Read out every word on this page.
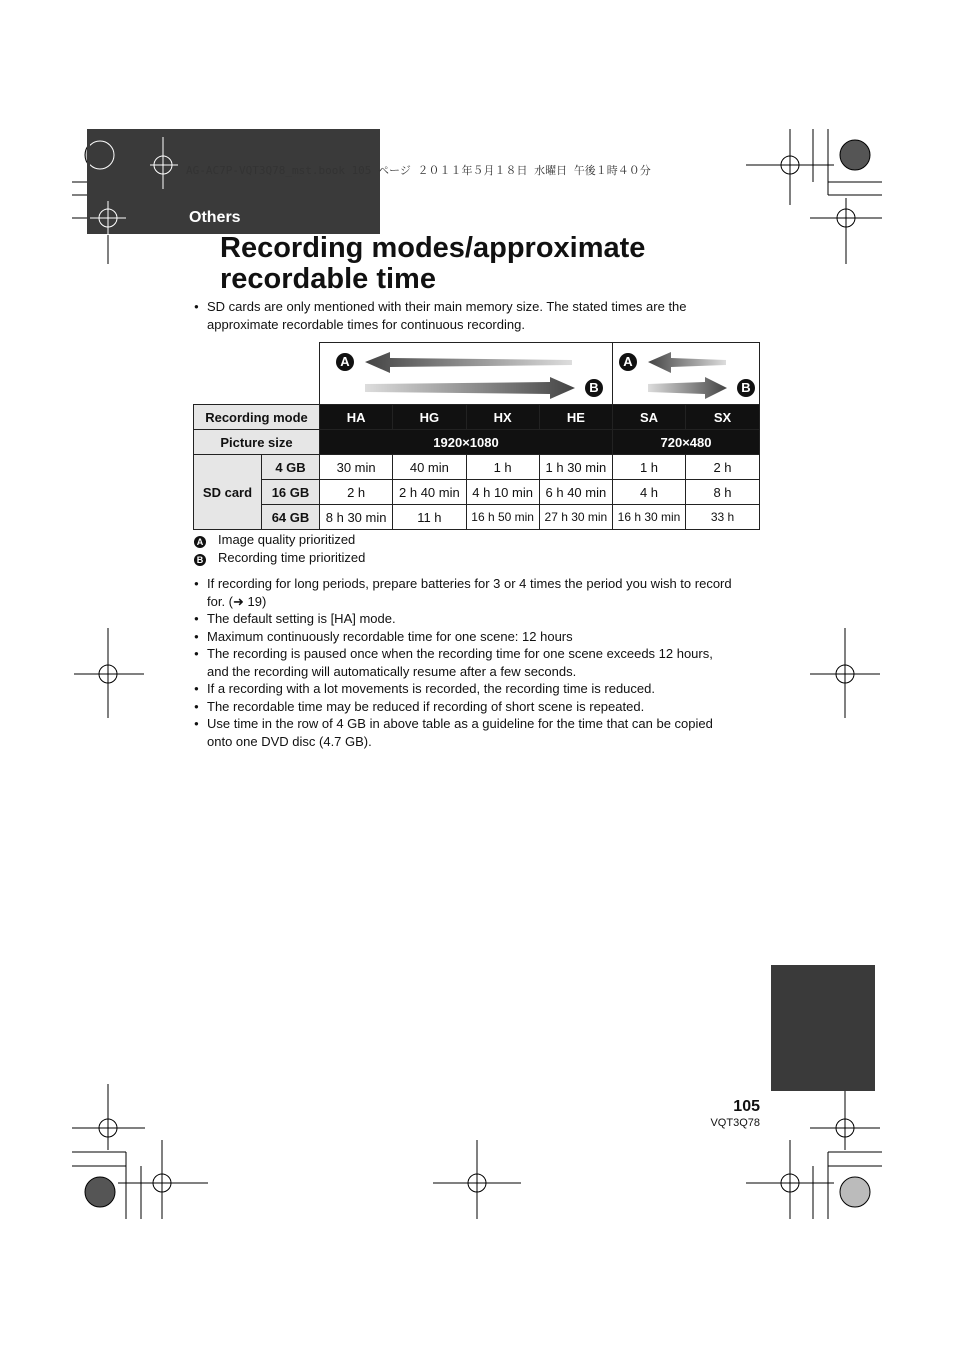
Others
AG-AC7P-VQT3Q78_mst.book 105 ページ ２０１１年５月１８日 水曜日 午後１時４０分
Recording modes/approximate
recordable time
● SD cards are only mentioned with their main memory size. The stated times are the
approximate recordable times for continuous recording.

		A
B				A
B	

Recording mode		HA	HG	HX	HE	SA	SX
Picture size		1920×1080				720×480	
SD card	4 GB	30 min	40 min	1 h	1 h 30 min	1 h	2 h
	16 GB	2 h	2 h 40 min	4 h 10 min	6 h 40 min	4 h	8 h
	64 GB	8 h 30 min	11 h	16 h 50 min	27 h 30 min	16 h 30 min	33 h
A Image quality prioritized
B Recording time prioritized
● If recording for long periods, prepare batteries for 3 or 4 times the period you wish to record
for. (➜ 19)
● The default setting is [HA] mode.
● Maximum continuously recordable time for one scene: 12 hours
● The recording is paused once when the recording time for one scene exceeds 12 hours,
and the recording will automatically resume after a few seconds.
● If a recording with a lot movements is recorded, the recording time is reduced.
● The recordable time may be reduced if recording of short scene is repeated.
● Use time in the row of 4 GB in above table as a guideline for the time that can be copied
onto one DVD disc (4.7 GB).
105
VQT3Q78
